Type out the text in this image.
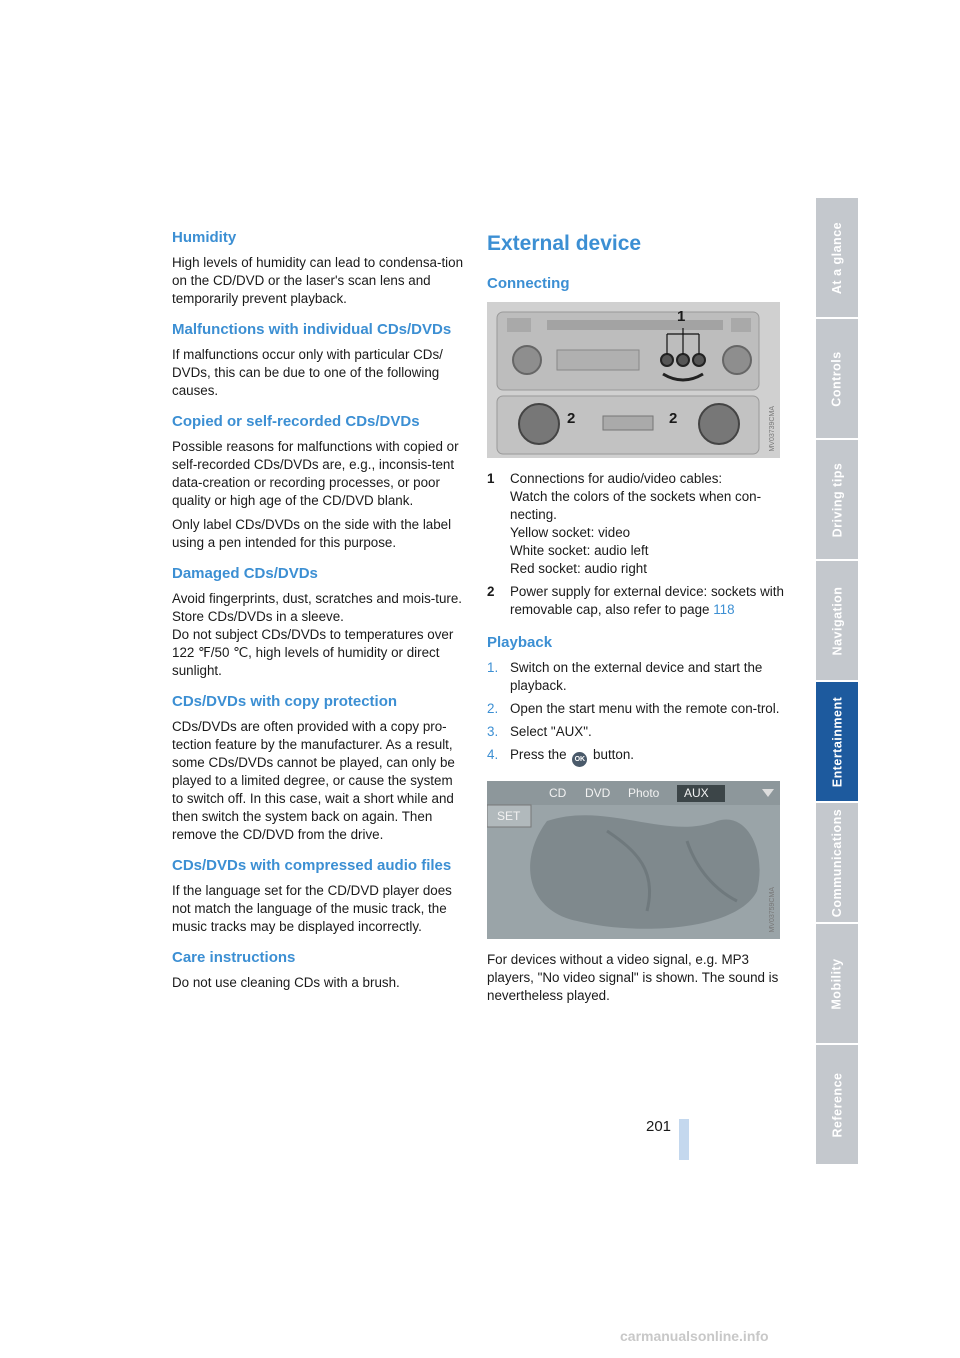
Humidity

High levels of humidity can lead to condensa-tion on the CD/DVD or the laser's scan lens and temporarily prevent playback.

Malfunctions with individual CDs/DVDs

If malfunctions occur only with particular CDs/ DVDs, this can be due to one of the following causes.

Copied or self-recorded CDs/DVDs

Possible reasons for malfunctions with copied or self-recorded CDs/DVDs are, e.g., inconsis-tent data-creation or recording processes, or poor quality or high age of the CD/DVD blank.

Only label CDs/DVDs on the side with the label using a pen intended for this purpose.

Damaged CDs/DVDs

Avoid fingerprints, dust, scratches and mois-ture.

Store CDs/DVDs in a sleeve.

Do not subject CDs/DVDs to temperatures over 122 ℉/50 ℃, high levels of humidity or direct sunlight.

CDs/DVDs with copy protection

CDs/DVDs are often provided with a copy pro-tection feature by the manufacturer. As a result, some CDs/DVDs cannot be played, can only be played to a limited degree, or cause the system to switch off. In this case, wait a short while and then switch the system back on again. Then remove the CD/DVD from the drive.

CDs/DVDs with compressed audio files

If the language set for the CD/DVD player does not match the language of the music track, the music tracks may be displayed incorrectly.

Care instructions

Do not use cleaning CDs with a brush.

External device
Connecting
1
2	2	MV03739CMA
1	Connections for audio/video cables:
Watch the colors of the sockets when con-necting.
Yellow socket: video
White socket: audio left
Red socket: audio right
2	Power supply for external device: sockets with removable cap, also refer to page 118
Playback
1. Switch on the external device and start the playback.
2. Open the start menu with the remote con-trol.
3. Select "AUX".
4. Press the OK button.
CD DVD Photo AUX
SET
MV03759CMA

For devices without a video signal, e.g. MP3 players, "No video signal" is shown. The sound is nevertheless played.

At a glance
Controls
Driving tips
Navigation
Entertainment
Communications
Mobility
Reference
201
carmanualsonline.info
